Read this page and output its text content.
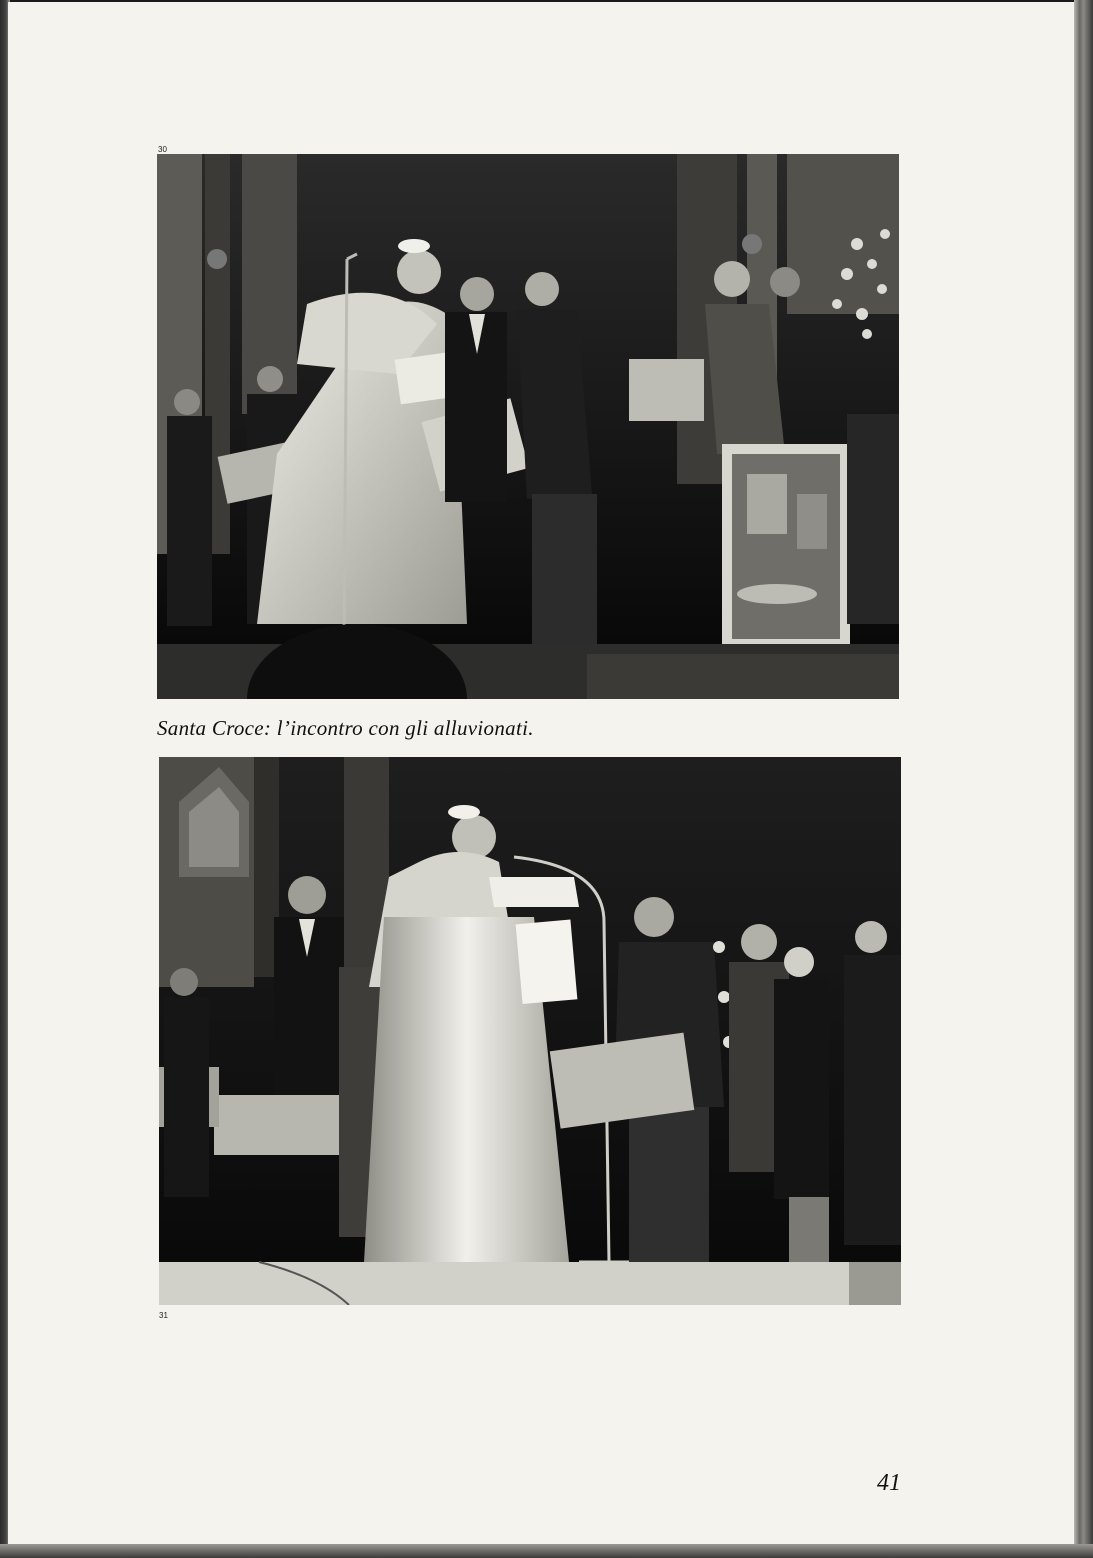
30
Santa Croce: l’incontro con gli alluvionati.
31
41
